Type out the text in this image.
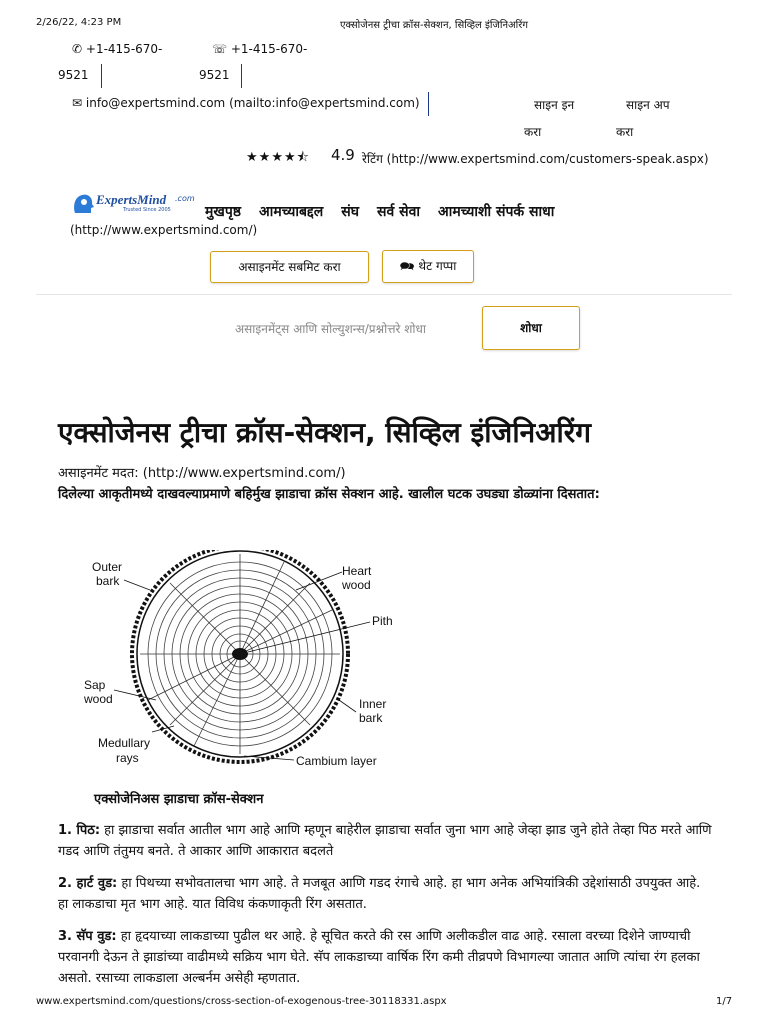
2/26/22, 4:23 PM	एक्सोजेनस ट्रीचा क्रॉस-सेक्शन, सिव्हिल इंजिनिअरिंग
✆ +1-415-670-
9521
☏ +1-415-670-
9521
✉ info@expertsmind.com (mailto:info@expertsmind.com)	साइन इन
करा
साइन अप
करा
★★★★⯪ 4.9 रेटिंग (http://www.expertsmind.com/customers-speak.aspx)
ExpertsMind .com
Trusted Since 2005 मुखपृष्ठ आमच्याबद्दल संघ सर्व सेवा आमच्याशी संपर्क साधा
(http://www.expertsmind.com/)
असाइनमेंट सबमिट करा	🗪 थेट गप्पा
असाइनमेंट्स आणि सोल्युशन्स/प्रश्नोत्तरे शोधा	शोधा
एक्सोजेनस ट्रीचा क्रॉस-सेक्शन, सिव्हिल इंजिनिअरिंग
असाइनमेंट मदत: (http://www.expertsmind.com/)
दिलेल्या आकृतीमध्ये दाखवल्याप्रमाणे बहिर्मुख झाडाचा क्रॉस सेक्शन आहे. खालील घटक उघड्या डोळ्यांना दिसतात:
Outer
bark
Heart
wood
Pith
Sap
wood	Inner
bark
Medullary
rays	Cambium layer
एक्सोजेनिअस झाडाचा क्रॉस-सेक्शन
1. पिठ: हा झाडाचा सर्वात आतील भाग आहे आणि म्हणून बाहेरील झाडाचा सर्वात जुना भाग आहे जेव्हा झाड जुने होते तेव्हा पिठ मरते आणि गडद आणि तंतुमय बनते. ते आकार आणि आकारात बदलते
2. हार्ट वुड: हा पिथच्या सभोवतालचा भाग आहे. ते मजबूत आणि गडद रंगाचे आहे. हा भाग अनेक अभियांत्रिकी उद्देशांसाठी उपयुक्त आहे. हा लाकडाचा मृत भाग आहे. यात विविध कंकणाकृती रिंग असतात.
3. सॅप वुड: हा हृदयाच्या लाकडाच्या पुढील थर आहे. हे सूचित करते की रस आणि अलीकडील वाढ आहे. रसाला वरच्या दिशेने जाण्याची परवानगी देऊन ते झाडांच्या वाढीमध्ये सक्रिय भाग घेते. सॅप लाकडाच्या वार्षिक रिंग कमी तीव्रपणे विभागल्या जातात आणि त्यांचा रंग हलका असतो. रसाच्या लाकडाला अल्बर्नम असेही म्हणतात.
www.expertsmind.com/questions/cross-section-of-exogenous-tree-30118331.aspx	1/7
